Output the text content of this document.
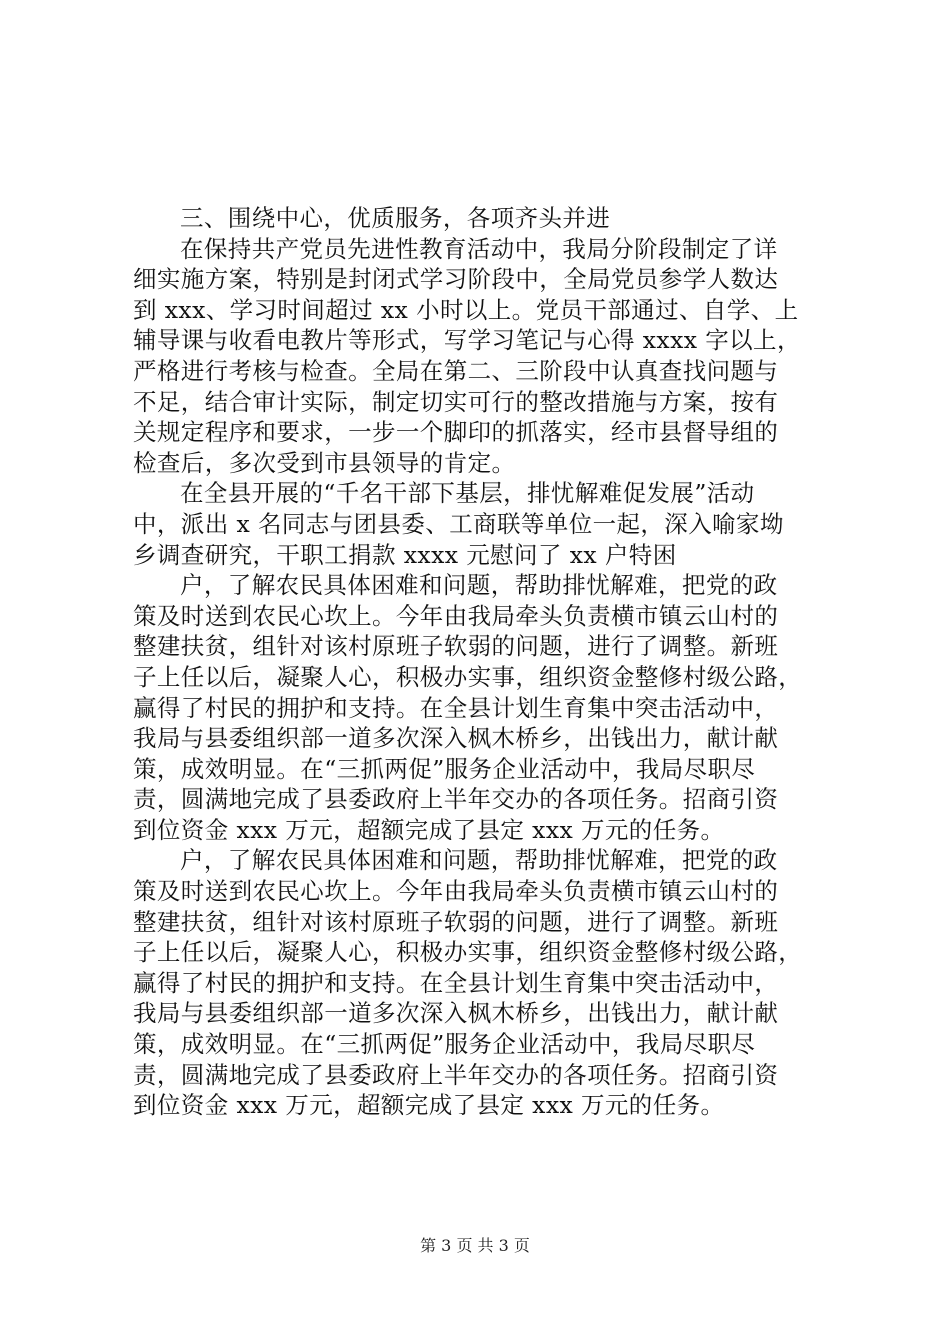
三、围绕中心，优质服务，各项齐头并进
在保持共产党员先进性教育活动中，我局分阶段制定了详
细实施方案，特别是封闭式学习阶段中，全局党员参学人数达
到 xxx、学习时间超过 xx 小时以上。党员干部通过、自学、上
辅导课与收看电教片等形式，写学习笔记与心得 xxxx 字以上，
严格进行考核与检查。全局在第二、三阶段中认真查找问题与
不足，结合审计实际，制定切实可行的整改措施与方案，按有
关规定程序和要求，一步一个脚印的抓落实，经市县督导组的
检查后，多次受到市县领导的肯定。
在全县开展的“千名干部下基层，排忧解难促发展”活动
中，派出 x 名同志与团县委、工商联等单位一起，深入喻家坳
乡调查研究，干职工捐款 xxxx 元慰问了 xx 户特困
户，了解农民具体困难和问题，帮助排忧解难，把党的政
策及时送到农民心坎上。今年由我局牵头负责横市镇云山村的
整建扶贫，组针对该村原班子软弱的问题，进行了调整。新班
子上任以后，凝聚人心，积极办实事，组织资金整修村级公路，
赢得了村民的拥护和支持。在全县计划生育集中突击活动中，
我局与县委组织部一道多次深入枫木桥乡，出钱出力，献计献
策，成效明显。在“三抓两促”服务企业活动中，我局尽职尽
责，圆满地完成了县委政府上半年交办的各项任务。招商引资
到位资金 xxx 万元，超额完成了县定 xxx 万元的任务。
户，了解农民具体困难和问题，帮助排忧解难，把党的政
策及时送到农民心坎上。今年由我局牵头负责横市镇云山村的
整建扶贫，组针对该村原班子软弱的问题，进行了调整。新班
子上任以后，凝聚人心，积极办实事，组织资金整修村级公路，
赢得了村民的拥护和支持。在全县计划生育集中突击活动中，
我局与县委组织部一道多次深入枫木桥乡，出钱出力，献计献
策，成效明显。在“三抓两促”服务企业活动中，我局尽职尽
责，圆满地完成了县委政府上半年交办的各项任务。招商引资
到位资金 xxx 万元，超额完成了县定 xxx 万元的任务。
第 3 页 共 3 页
